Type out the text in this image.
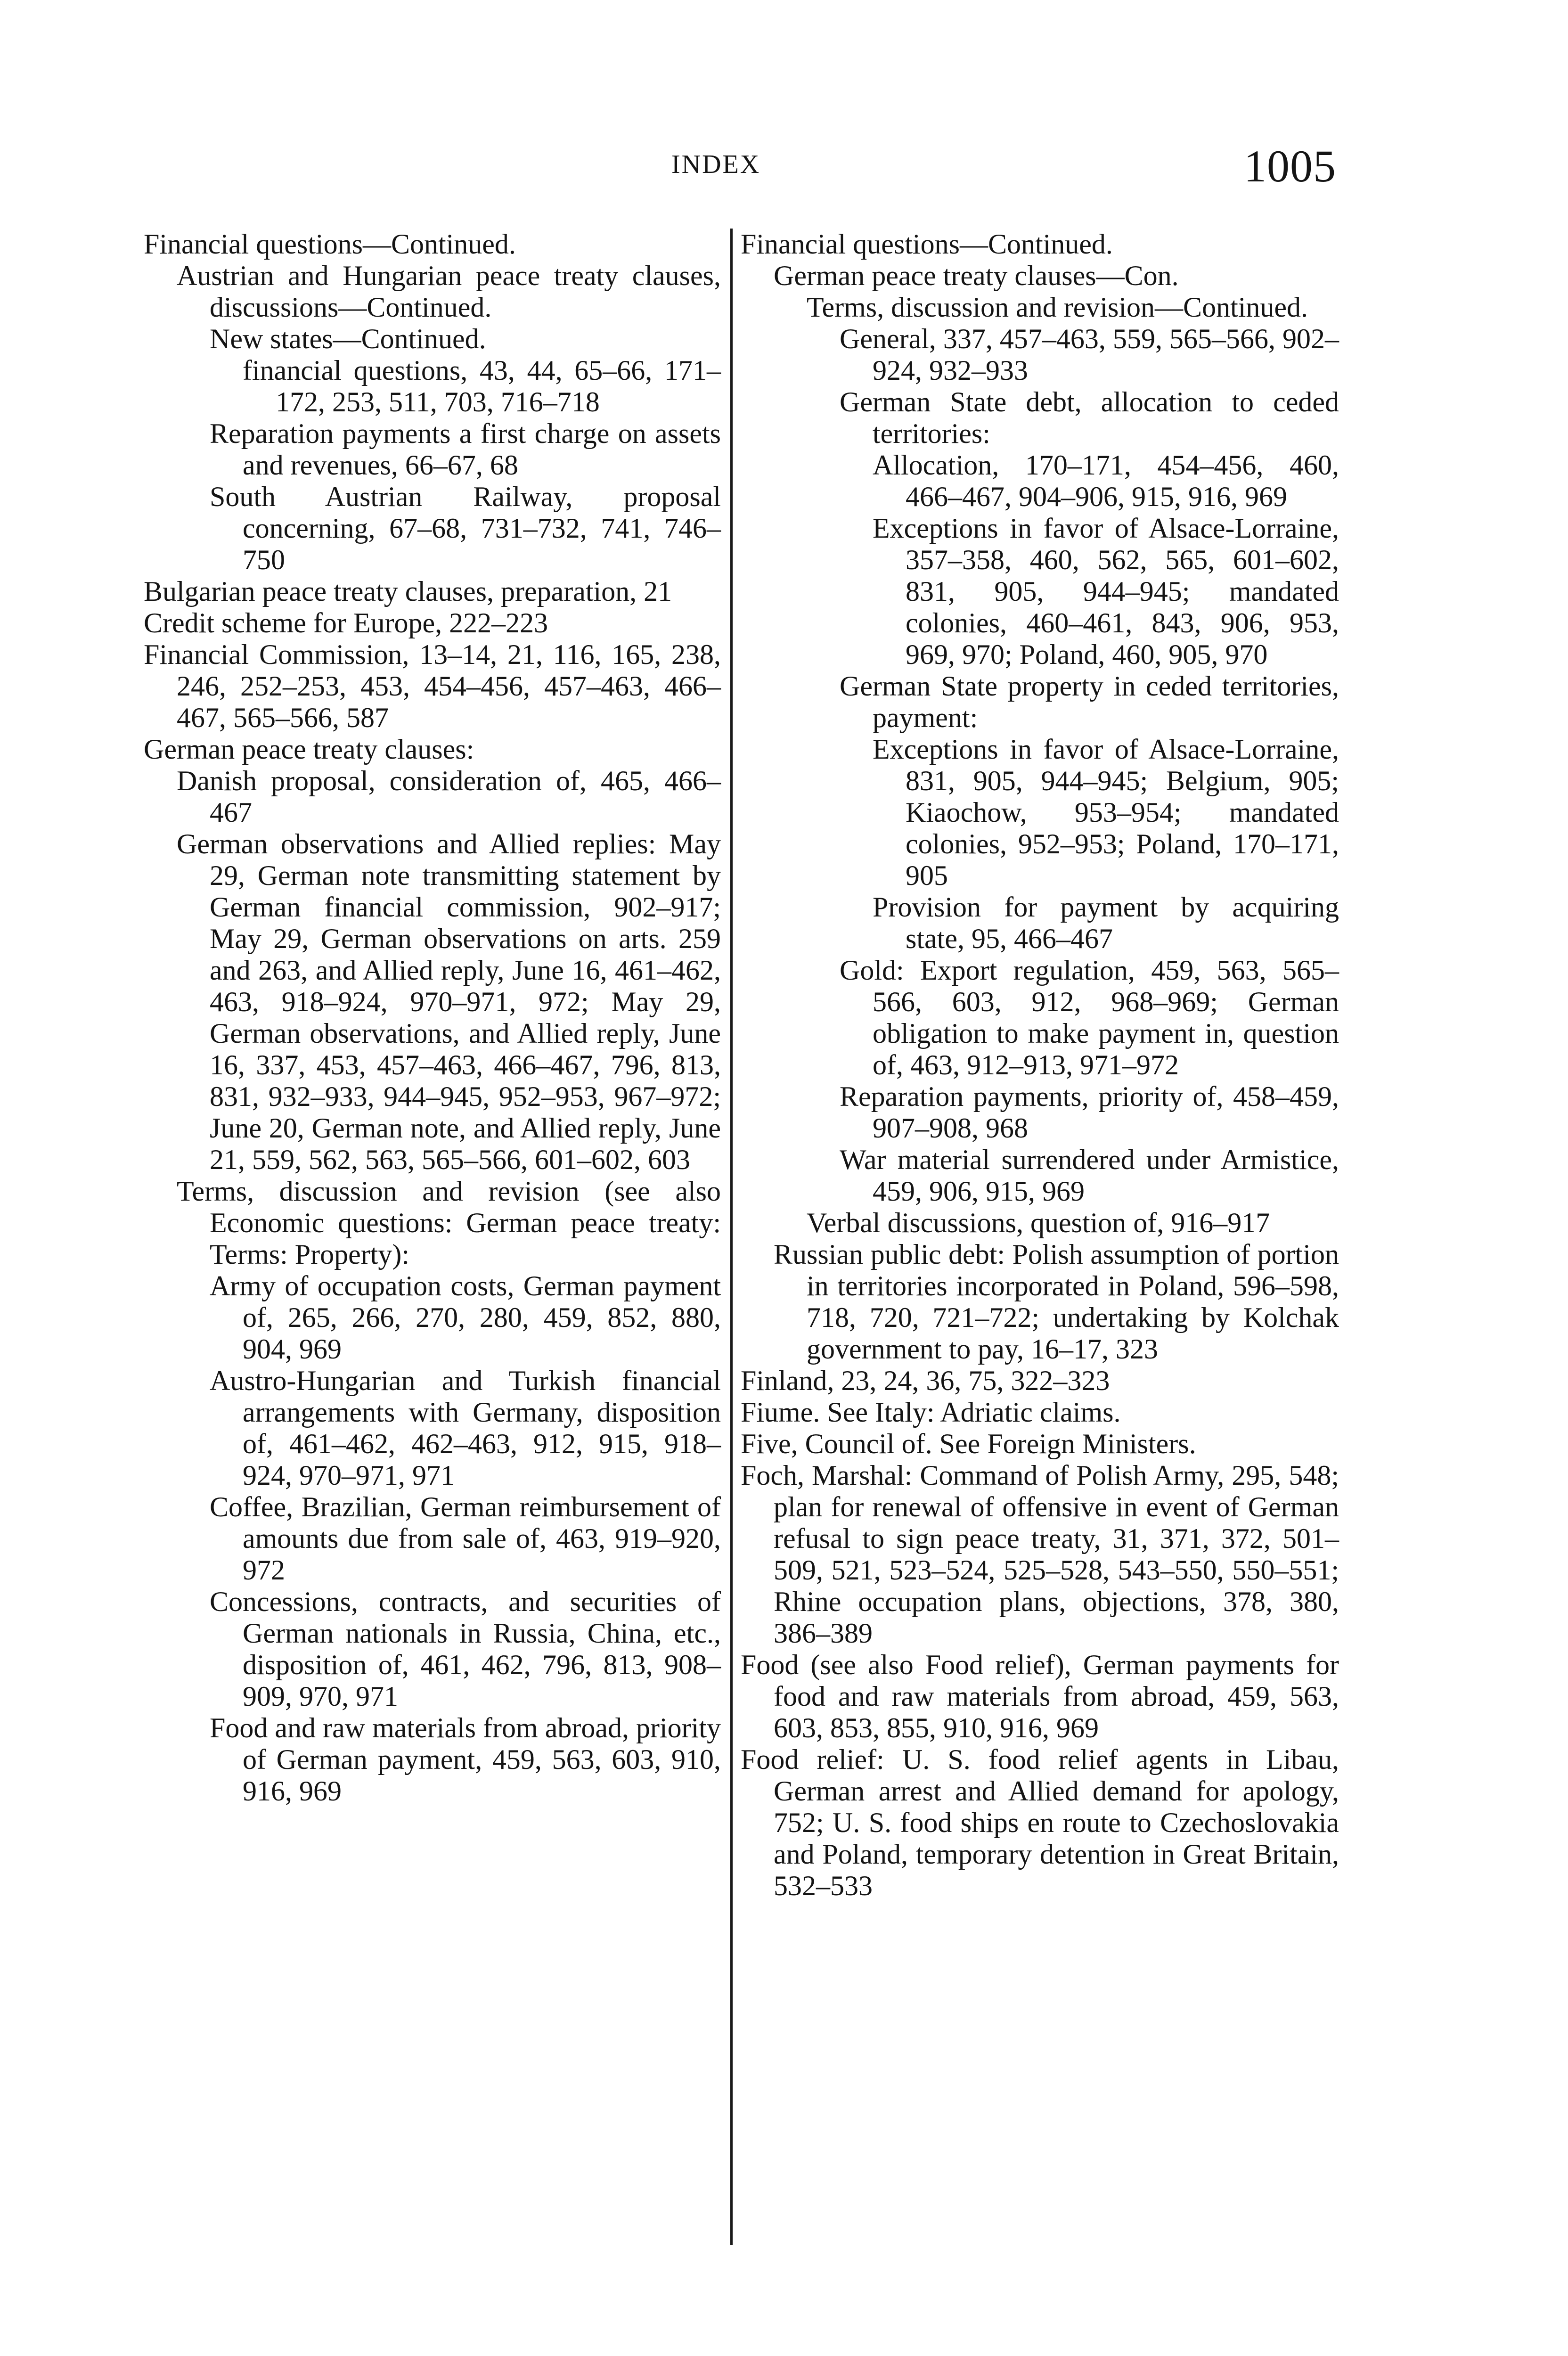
INDEX	1005

Financial questions—Continued.

Austrian and Hungarian peace treaty clauses, discussions—Continued.

New states—Continued.

financial questions, 43, 44, 65–66, 171–172, 253, 511, 703, 716–718

Reparation payments a first charge on assets and revenues, 66–67, 68

South Austrian Railway, proposal concerning, 67–68, 731–732, 741, 746–750

Bulgarian peace treaty clauses, preparation, 21

Credit scheme for Europe, 222–223

Financial Commission, 13–14, 21, 116, 165, 238, 246, 252–253, 453, 454–456, 457–463, 466–467, 565–566, 587

German peace treaty clauses:

Danish proposal, consideration of, 465, 466–467

German observations and Allied replies: May 29, German note transmitting statement by German financial commission, 902–917; May 29, German observations on arts. 259 and 263, and Allied reply, June 16, 461–462, 463, 918–924, 970–971, 972; May 29, German observations, and Allied reply, June 16, 337, 453, 457–463, 466–467, 796, 813, 831, 932–933, 944–945, 952–953, 967–972; June 20, German note, and Allied reply, June 21, 559, 562, 563, 565–566, 601–602, 603

Terms, discussion and revision (see also Economic questions: German peace treaty: Terms: Property):

Army of occupation costs, German payment of, 265, 266, 270, 280, 459, 852, 880, 904, 969

Austro-Hungarian and Turkish financial arrangements with Germany, disposition of, 461–462, 462–463, 912, 915, 918–924, 970–971, 971

Coffee, Brazilian, German reimbursement of amounts due from sale of, 463, 919–920, 972

Concessions, contracts, and securities of German nationals in Russia, China, etc., disposition of, 461, 462, 796, 813, 908–909, 970, 971

Food and raw materials from abroad, priority of German payment, 459, 563, 603, 910, 916, 969

Financial questions—Continued.

German peace treaty clauses—Con.

Terms, discussion and revision—Continued.

General, 337, 457–463, 559, 565–566, 902–924, 932–933

German State debt, allocation to ceded territories:

Allocation, 170–171, 454–456, 460, 466–467, 904–906, 915, 916, 969

Exceptions in favor of Alsace-Lorraine, 357–358, 460, 562, 565, 601–602, 831, 905, 944–945; mandated colonies, 460–461, 843, 906, 953, 969, 970; Poland, 460, 905, 970

German State property in ceded territories, payment:

Exceptions in favor of Alsace-Lorraine, 831, 905, 944–945; Belgium, 905; Kiaochow, 953–954; mandated colonies, 952–953; Poland, 170–171, 905

Provision for payment by acquiring state, 95, 466–467

Gold: Export regulation, 459, 563, 565–566, 603, 912, 968–969; German obligation to make payment in, question of, 463, 912–913, 971–972

Reparation payments, priority of, 458–459, 907–908, 968

War material surrendered under Armistice, 459, 906, 915, 969

Verbal discussions, question of, 916–917

Russian public debt: Polish assumption of portion in territories incorporated in Poland, 596–598, 718, 720, 721–722; undertaking by Kolchak government to pay, 16–17, 323

Finland, 23, 24, 36, 75, 322–323

Fiume. See Italy: Adriatic claims.

Five, Council of. See Foreign Ministers.

Foch, Marshal: Command of Polish Army, 295, 548; plan for renewal of offensive in event of German refusal to sign peace treaty, 31, 371, 372, 501–509, 521, 523–524, 525–528, 543–550, 550–551; Rhine occupation plans, objections, 378, 380, 386–389

Food (see also Food relief), German payments for food and raw materials from abroad, 459, 563, 603, 853, 855, 910, 916, 969

Food relief: U. S. food relief agents in Libau, German arrest and Allied demand for apology, 752; U. S. food ships en route to Czechoslovakia and Poland, temporary detention in Great Britain, 532–533
